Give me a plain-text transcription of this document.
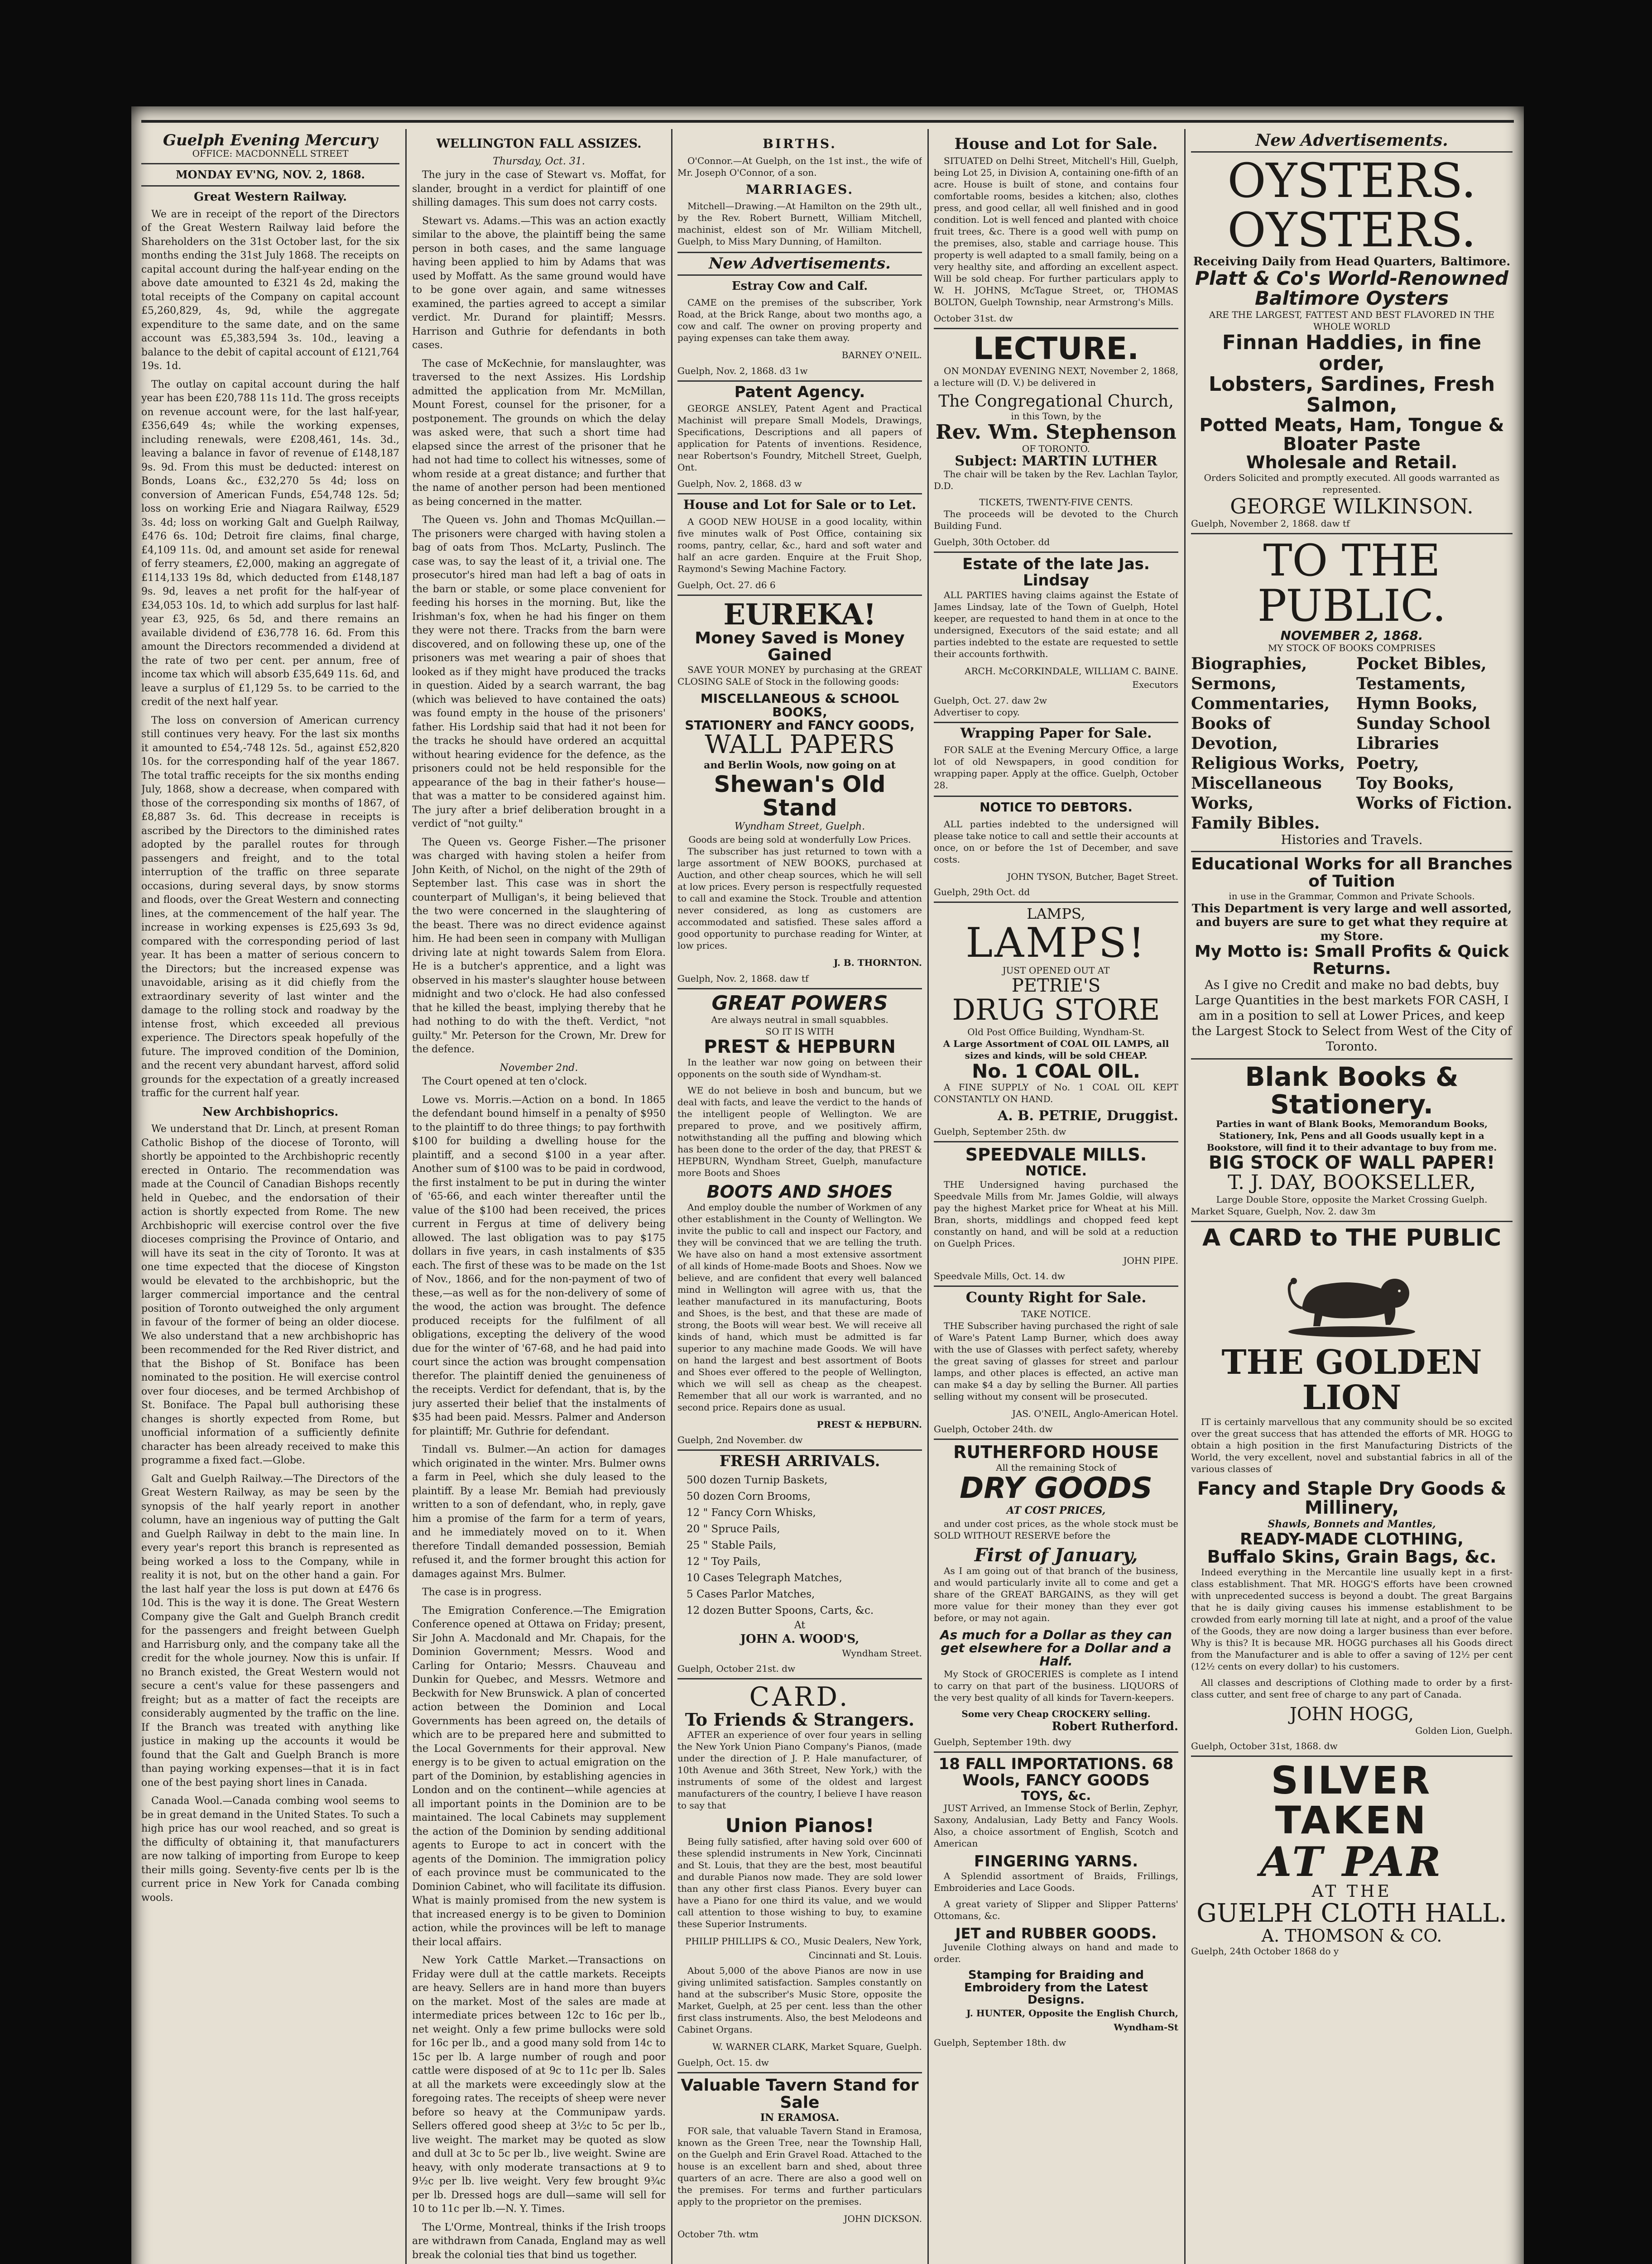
Guelph Evening Mercury
OFFICE: MACDONNELL STREET
MONDAY EV'NG, NOV. 2, 1868.
Great Western Railway.

We are in receipt of the report of the Directors of the Great Western Railway laid before the Shareholders on the 31st October last, for the six months ending the 31st July 1868. The receipts on capital account during the half-year ending on the above date amounted to £321 4s 2d, making the total receipts of the Company on capital account £5,260,829, 4s, 9d, while the aggregate expenditure to the same date, and on the same account was £5,383,594 3s. 10d., leaving a balance to the debit of capital account of £121,764 19s. 1d.

The outlay on capital account during the half year has been £20,788 11s 11d. The gross receipts on revenue account were, for the last half-year, £356,649 4s; while the working expenses, including renewals, were £208,461, 14s. 3d., leaving a balance in favor of revenue of £148,187 9s. 9d. From this must be deducted: interest on Bonds, Loans &c., £32,270 5s 4d; loss on conversion of American Funds, £54,748 12s. 5d; loss on working Erie and Niagara Railway, £529 3s. 4d; loss on working Galt and Guelph Railway, £476 6s. 10d; Detroit fire claims, final charge, £4,109 11s. 0d, and amount set aside for renewal of ferry steamers, £2,000, making an aggregate of £114,133 19s 8d, which deducted from £148,187 9s. 9d, leaves a net profit for the half-year of £34,053 10s. 1d, to which add surplus for last half-year £3, 925, 6s 5d, and there remains an available dividend of £36,778 16. 6d. From this amount the Directors recommended a dividend at the rate of two per cent. per annum, free of income tax which will absorb £35,649 11s. 6d, and leave a surplus of £1,129 5s. to be carried to the credit of the next half year.

The loss on conversion of American currency still continues very heavy. For the last six months it amounted to £54,-748 12s. 5d., against £52,820 10s. for the corresponding half of the year 1867. The total traffic receipts for the six months ending July, 1868, show a decrease, when compared with those of the corresponding six months of 1867, of £8,887 3s. 6d. This decrease in receipts is ascribed by the Directors to the diminished rates adopted by the parallel routes for through passengers and freight, and to the total interruption of the traffic on three separate occasions, during several days, by snow storms and floods, over the Great Western and connecting lines, at the commencement of the half year. The increase in working expenses is £25,693 3s 9d, compared with the corresponding period of last year. It has been a matter of serious concern to the Directors; but the increased expense was unavoidable, arising as it did chiefly from the extraordinary severity of last winter and the damage to the rolling stock and roadway by the intense frost, which exceeded all previous experience. The Directors speak hopefully of the future. The improved condition of the Dominion, and the recent very abundant harvest, afford solid grounds for the expectation of a greatly increased traffic for the current half year.

New Archbishoprics.

We understand that Dr. Linch, at present Roman Catholic Bishop of the diocese of Toronto, will shortly be appointed to the Archbishopric recently erected in Ontario. The recommendation was made at the Council of Canadian Bishops recently held in Quebec, and the endorsation of their action is shortly expected from Rome. The new Archbishopric will exercise control over the five dioceses comprising the Province of Ontario, and will have its seat in the city of Toronto. It was at one time expected that the diocese of Kingston would be elevated to the archbishopric, but the larger commercial importance and the central position of Toronto outweighed the only argument in favour of the former of being an older diocese. We also understand that a new archbishopric has been recommended for the Red River district, and that the Bishop of St. Boniface has been nominated to the position. He will exercise control over four dioceses, and be termed Archbishop of St. Boniface. The Papal bull authorising these changes is shortly expected from Rome, but unofficial information of a sufficiently definite character has been already received to make this programme a fixed fact.—Globe.

Galt and Guelph Railway.—The Directors of the Great Western Railway, as may be seen by the synopsis of the half yearly report in another column, have an ingenious way of putting the Galt and Guelph Railway in debt to the main line. In every year's report this branch is represented as being worked a loss to the Company, while in reality it is not, but on the other hand a gain. For the last half year the loss is put down at £476 6s 10d. This is the way it is done. The Great Western Company give the Galt and Guelph Branch credit for the passengers and freight between Guelph and Harrisburg only, and the company take all the credit for the whole journey. Now this is unfair. If no Branch existed, the Great Western would not secure a cent's value for these passengers and freight; but as a matter of fact the receipts are considerably augmented by the traffic on the line. If the Branch was treated with anything like justice in making up the accounts it would be found that the Galt and Guelph Branch is more than paying working expenses—that it is in fact one of the best paying short lines in Canada.

Canada Wool.—Canada combing wool seems to be in great demand in the United States. To such a high price has our wool reached, and so great is the difficulty of obtaining it, that manufacturers are now talking of importing from Europe to keep their mills going. Seventy-five cents per lb is the current price in New York for Canada combing wools.

WELLINGTON FALL ASSIZES.
Thursday, Oct. 31.

The jury in the case of Stewart vs. Moffat, for slander, brought in a verdict for plaintiff of one shilling damages. This sum does not carry costs.

Stewart vs. Adams.—This was an action exactly similar to the above, the plaintiff being the same person in both cases, and the same language having been applied to him by Adams that was used by Moffatt. As the same ground would have to be gone over again, and same witnesses examined, the parties agreed to accept a similar verdict. Mr. Durand for plaintiff; Messrs. Harrison and Guthrie for defendants in both cases.

The case of McKechnie, for manslaughter, was traversed to the next Assizes. His Lordship admitted the application from Mr. McMillan, Mount Forest, counsel for the prisoner, for a postponement. The grounds on which the delay was asked were, that such a short time had elapsed since the arrest of the prisoner that he had not had time to collect his witnesses, some of whom reside at a great distance; and further that the name of another person had been mentioned as being concerned in the matter.

The Queen vs. John and Thomas McQuillan.—The prisoners were charged with having stolen a bag of oats from Thos. McLarty, Puslinch. The case was, to say the least of it, a trivial one. The prosecutor's hired man had left a bag of oats in the barn or stable, or some place convenient for feeding his horses in the morning. But, like the Irishman's fox, when he had his finger on them they were not there. Tracks from the barn were discovered, and on following these up, one of the prisoners was met wearing a pair of shoes that looked as if they might have produced the tracks in question. Aided by a search warrant, the bag (which was believed to have contained the oats) was found empty in the house of the prisoners' father. His Lordship said that had it not been for the tracks he should have ordered an acquittal without hearing evidence for the defence, as the prisoners could not be held responsible for the appearance of the bag in their father's house—that was a matter to be considered against him. The jury after a brief deliberation brought in a verdict of "not guilty."

The Queen vs. George Fisher.—The prisoner was charged with having stolen a heifer from John Keith, of Nichol, on the night of the 29th of September last. This case was in short the counterpart of Mulligan's, it being believed that the two were concerned in the slaughtering of the beast. There was no direct evidence against him. He had been seen in company with Mulligan driving late at night towards Salem from Elora. He is a butcher's apprentice, and a light was observed in his master's slaughter house between midnight and two o'clock. He had also confessed that he killed the beast, implying thereby that he had nothing to do with the theft. Verdict, "not guilty." Mr. Peterson for the Crown, Mr. Drew for the defence.

November 2nd.

The Court opened at ten o'clock.

Lowe vs. Morris.—Action on a bond. In 1865 the defendant bound himself in a penalty of $950 to the plaintiff to do three things; to pay forthwith $100 for building a dwelling house for the plaintiff, and a second $100 in a year after. Another sum of $100 was to be paid in cordwood, the first instalment to be put in during the winter of '65-66, and each winter thereafter until the value of the $100 had been received, the prices current in Fergus at time of delivery being allowed. The last obligation was to pay $175 dollars in five years, in cash instalments of $35 each. The first of these was to be made on the 1st of Nov., 1866, and for the non-payment of two of these,—as well as for the non-delivery of some of the wood, the action was brought. The defence produced receipts for the fulfilment of all obligations, excepting the delivery of the wood due for the winter of '67-68, and he had paid into court since the action was brought compensation therefor. The plaintiff denied the genuineness of the receipts. Verdict for defendant, that is, by the jury asserted their belief that the instalments of $35 had been paid. Messrs. Palmer and Anderson for plaintiff; Mr. Guthrie for defendant.

Tindall vs. Bulmer.—An action for damages which originated in the winter. Mrs. Bulmer owns a farm in Peel, which she duly leased to the plaintiff. By a lease Mr. Bemiah had previously written to a son of defendant, who, in reply, gave him a promise of the farm for a term of years, and he immediately moved on to it. When therefore Tindall demanded possession, Bemiah refused it, and the former brought this action for damages against Mrs. Bulmer.

The case is in progress.

The Emigration Conference.—The Emigration Conference opened at Ottawa on Friday; present, Sir John A. Macdonald and Mr. Chapais, for the Dominion Government; Messrs. Wood and Carling for Ontario; Messrs. Chauveau and Dunkin for Quebec, and Messrs. Wetmore and Beckwith for New Brunswick. A plan of concerted action between the Dominion and Local Governments has been agreed on, the details of which are to be prepared here and submitted to the Local Governments for their approval. New energy is to be given to actual emigration on the part of the Dominion, by establishing agencies in London and on the continent—while agencies at all important points in the Dominion are to be maintained. The local Cabinets may supplement the action of the Dominion by sending additional agents to Europe to act in concert with the agents of the Dominion. The immigration policy of each province must be communicated to the Dominion Cabinet, who will facilitate its diffusion. What is mainly promised from the new system is that increased energy is to be given to Dominion action, while the provinces will be left to manage their local affairs.

New York Cattle Market.—Transactions on Friday were dull at the cattle markets. Receipts are heavy. Sellers are in hand more than buyers on the market. Most of the sales are made at intermediate prices between 12c to 16c per lb., net weight. Only a few prime bullocks were sold for 16c per lb., and a good many sold from 14c to 15c per lb. A large number of rough and poor cattle were disposed of at 9c to 11c per lb. Sales at all the markets were exceedingly slow at the foregoing rates. The receipts of sheep were never before so heavy at the Communipaw yards. Sellers offered good sheep at 3½c to 5c per lb., live weight. The market may be quoted as slow and dull at 3c to 5c per lb., live weight. Swine are heavy, with only moderate transactions at 9 to 9½c per lb. live weight. Very few brought 9¾c per lb. Dressed hogs are dull—same will sell for 10 to 11c per lb.—N. Y. Times.

The L'Orme, Montreal, thinks if the Irish troops are withdrawn from Canada, England may as well break the colonial ties that bind us together.

BIRTHS.

O'Connor.—At Guelph, on the 1st inst., the wife of Mr. Joseph O'Connor, of a son.

MARRIAGES.

Mitchell—Drawing.—At Hamilton on the 29th ult., by the Rev. Robert Burnett, William Mitchell, machinist, eldest son of Mr. William Mitchell, Guelph, to Miss Mary Dunning, of Hamilton.

New Advertisements.
Estray Cow and Calf.

CAME on the premises of the subscriber, York Road, at the Brick Range, about two months ago, a cow and calf. The owner on proving property and paying expenses can take them away.

BARNEY O'NEIL.
Guelph, Nov. 2, 1868. d3 1w
Patent Agency.

GEORGE ANSLEY, Patent Agent and Practical Machinist will prepare Small Models, Drawings, Specifications, Descriptions and all papers of application for Patents of inventions. Residence, near Robertson's Foundry, Mitchell Street, Guelph, Ont.

Guelph, Nov. 2, 1868. d3 w
House and Lot for Sale or to Let.

A GOOD NEW HOUSE in a good locality, within five minutes walk of Post Office, containing six rooms, pantry, cellar, &c., hard and soft water and half an acre garden. Enquire at the Fruit Shop, Raymond's Sewing Machine Factory.

Guelph, Oct. 27. d6 6
EUREKA!
Money Saved is Money Gained

SAVE YOUR MONEY by purchasing at the GREAT CLOSING SALE of Stock in the following goods:

MISCELLANEOUS & SCHOOL BOOKS,
STATIONERY and FANCY GOODS,
WALL PAPERS
and Berlin Wools, now going on at
Shewan's Old Stand
Wyndham Street, Guelph.
Goods are being sold at wonderfully Low Prices.

The subscriber has just returned to town with a large assortment of NEW BOOKS, purchased at Auction, and other cheap sources, which he will sell at low prices. Every person is respectfully requested to call and examine the Stock. Trouble and attention never considered, as long as customers are accommodated and satisfied. These sales afford a good opportunity to purchase reading for Winter, at low prices.

J. B. THORNTON.
Guelph, Nov. 2, 1868. daw tf
GREAT POWERS
Are always neutral in small squabbles.
SO IT IS WITH
PREST & HEPBURN

In the leather war now going on between their opponents on the south side of Wyndham-st.

WE do not believe in bosh and buncum, but we deal with facts, and leave the verdict to the hands of the intelligent people of Wellington. We are prepared to prove, and we positively affirm, notwithstanding all the puffing and blowing which has been done to the order of the day, that PREST & HEPBURN, Wyndham Street, Guelph, manufacture more Boots and Shoes

BOOTS AND SHOES

And employ double the number of Workmen of any other establishment in the County of Wellington. We invite the public to call and inspect our Factory, and they will be convinced that we are telling the truth. We have also on hand a most extensive assortment of all kinds of Home-made Boots and Shoes. Now we believe, and are confident that every well balanced mind in Wellington will agree with us, that the leather manufactured in its manufacturing, Boots and Shoes, is the best, and that these are made of strong, the Boots will wear best. We will receive all kinds of hand, which must be admitted is far superior to any machine made Goods. We will have on hand the largest and best assortment of Boots and Shoes ever offered to the people of Wellington, which we will sell as cheap as the cheapest. Remember that all our work is warranted, and no second price. Repairs done as usual.

PREST & HEPBURN.
Guelph, 2nd November. dw
FRESH ARRIVALS.
500 dozen Turnip Baskets,
50 dozen Corn Brooms,
12 " Fancy Corn Whisks,
20 " Spruce Pails,
25 " Stable Pails,
12 " Toy Pails,
10 Cases Telegraph Matches,
5 Cases Parlor Matches,
12 dozen Butter Spoons, Carts, &c.
At
JOHN A. WOOD'S,
Wyndham Street.
Guelph, October 21st. dw
CARD.
To Friends & Strangers.

AFTER an experience of over four years in selling the New York Union Piano Company's Pianos, (made under the direction of J. P. Hale manufacturer, of 10th Avenue and 36th Street, New York,) with the instruments of some of the oldest and largest manufacturers of the country, I believe I have reason to say that

Union Pianos!

Being fully satisfied, after having sold over 600 of these splendid instruments in New York, Cincinnati and St. Louis, that they are the best, most beautiful and durable Pianos now made. They are sold lower than any other first class Pianos. Every buyer can have a Piano for one third its value, and we would call attention to those wishing to buy, to examine these Superior Instruments.

PHILIP PHILLIPS & CO., Music Dealers, New York, Cincinnati and St. Louis.

About 5,000 of the above Pianos are now in use giving unlimited satisfaction. Samples constantly on hand at the subscriber's Music Store, opposite the Market, Guelph, at 25 per cent. less than the other first class instruments. Also, the best Melodeons and Cabinet Organs.

W. WARNER CLARK, Market Square, Guelph.
Guelph, Oct. 15. dw
Valuable Tavern Stand for Sale
IN ERAMOSA.

FOR sale, that valuable Tavern Stand in Eramosa, known as the Green Tree, near the Township Hall, on the Guelph and Erin Gravel Road. Attached to the house is an excellent barn and shed, about three quarters of an acre. There are also a good well on the premises. For terms and further particulars apply to the proprietor on the premises.

JOHN DICKSON.
October 7th. wtm
House and Lot for Sale.

SITUATED on Delhi Street, Mitchell's Hill, Guelph, being Lot 25, in Division A, containing one-fifth of an acre. House is built of stone, and contains four comfortable rooms, besides a kitchen; also, clothes press, and good cellar, all well finished and in good condition. Lot is well fenced and planted with choice fruit trees, &c. There is a good well with pump on the premises, also, stable and carriage house. This property is well adapted to a small family, being on a very healthy site, and affording an excellent aspect. Will be sold cheap. For further particulars apply to W. H. JOHNS, McTague Street, or, THOMAS BOLTON, Guelph Township, near Armstrong's Mills.

October 31st. dw
LECTURE.

ON MONDAY EVENING NEXT, November 2, 1868, a lecture will (D. V.) be delivered in

The Congregational Church,
in this Town, by the
Rev. Wm. Stephenson
OF TORONTO.
Subject: MARTIN LUTHER

The chair will be taken by the Rev. Lachlan Taylor, D.D.

TICKETS, TWENTY-FIVE CENTS.

The proceeds will be devoted to the Church Building Fund.

Guelph, 30th October. dd
Estate of the late Jas. Lindsay

ALL PARTIES having claims against the Estate of James Lindsay, late of the Town of Guelph, Hotel keeper, are requested to hand them in at once to the undersigned, Executors of the said estate; and all parties indebted to the estate are requested to settle their accounts forthwith.

ARCH. McCORKINDALE, WILLIAM C. BAINE. Executors
Guelph, Oct. 27. daw 2w
Advertiser to copy.
Wrapping Paper for Sale.

FOR SALE at the Evening Mercury Office, a large lot of old Newspapers, in good condition for wrapping paper. Apply at the office. Guelph, October 28.

NOTICE TO DEBTORS.

ALL parties indebted to the undersigned will please take notice to call and settle their accounts at once, on or before the 1st of December, and save costs.

JOHN TYSON, Butcher, Baget Street.
Guelph, 29th Oct. dd
LAMPS,
LAMPS!
JUST OPENED OUT AT
PETRIE'S
DRUG STORE
Old Post Office Building, Wyndham-St.
A Large Assortment of COAL OIL LAMPS, all sizes and kinds, will be sold CHEAP.
No. 1 COAL OIL.

A FINE SUPPLY of No. 1 COAL OIL KEPT CONSTANTLY ON HAND.

A. B. PETRIE, Druggist.
Guelph, September 25th. dw
SPEEDVALE MILLS.
NOTICE.

THE Undersigned having purchased the Speedvale Mills from Mr. James Goldie, will always pay the highest Market price for Wheat at his Mill. Bran, shorts, middlings and chopped feed kept constantly on hand, and will be sold at a reduction on Guelph Prices.

JOHN PIPE.
Speedvale Mills, Oct. 14. dw
County Right for Sale.
TAKE NOTICE.

THE Subscriber having purchased the right of sale of Ware's Patent Lamp Burner, which does away with the use of Glasses with perfect safety, whereby the great saving of glasses for street and parlour lamps, and other places is effected, an active man can make $4 a day by selling the Burner. All parties selling without my consent will be prosecuted.

JAS. O'NEIL, Anglo-American Hotel.
Guelph, October 24th. dw
RUTHERFORD HOUSE
All the remaining Stock of
DRY GOODS
AT COST PRICES,

and under cost prices, as the whole stock must be SOLD WITHOUT RESERVE before the

First of January,

As I am going out of that branch of the business, and would particularly invite all to come and get a share of the GREAT BARGAINS, as they will get more value for their money than they ever got before, or may not again.

As much for a Dollar as they can get elsewhere for a Dollar and a Half.

My Stock of GROCERIES is complete as I intend to carry on that part of the business. LIQUORS of the very best quality of all kinds for Tavern-keepers.

Some very Cheap CROCKERY selling.
Robert Rutherford.
Guelph, September 19th. dwy
18 FALL IMPORTATIONS. 68
Wools, FANCY GOODS
TOYS, &c.

JUST Arrived, an Immense Stock of Berlin, Zephyr, Saxony, Andalusian, Lady Betty and Fancy Wools. Also, a choice assortment of English, Scotch and American

FINGERING YARNS.

A Splendid assortment of Braids, Frillings, Embroideries and Lace Goods.

A great variety of Slipper and Slipper Patterns' Ottomans, &c.

JET and RUBBER GOODS.

Juvenile Clothing always on hand and made to order.

Stamping for Braiding and Embroidery from the Latest Designs.
J. HUNTER, Opposite the English Church, Wyndham-St
Guelph, September 18th. dw
New Advertisements.
OYSTERS. OYSTERS.
Receiving Daily from Head Quarters, Baltimore.
Platt & Co's World-Renowned Baltimore Oysters
ARE THE LARGEST, FATTEST AND BEST FLAVORED IN THE WHOLE WORLD
Finnan Haddies, in fine order,
Lobsters, Sardines, Fresh Salmon,
Potted Meats, Ham, Tongue & Bloater Paste
Wholesale and Retail.
Orders Solicited and promptly executed. All goods warranted as represented.
GEORGE WILKINSON.
Guelph, November 2, 1868. daw tf
TO THE PUBLIC.
NOVEMBER 2, 1868.
MY STOCK OF BOOKS COMPRISES
Biographies,
Sermons,
Commentaries,
Books of Devotion,
Religious Works,
Miscellaneous Works,
Family Bibles.
Pocket Bibles,
Testaments,
Hymn Books,
Sunday School Libraries
Poetry,
Toy Books,
Works of Fiction.
Histories and Travels.
Educational Works for all Branches of Tuition
in use in the Grammar, Common and Private Schools.
This Department is very large and well assorted, and buyers are sure to get what they require at my Store.
My Motto is: Small Profits & Quick Returns.
As I give no Credit and make no bad debts, buy Large Quantities in the best markets FOR CASH, I am in a position to sell at Lower Prices, and keep the Largest Stock to Select from West of the City of Toronto.
Blank Books & Stationery.
Parties in want of Blank Books, Memorandum Books, Stationery, Ink, Pens and all Goods usually kept in a Bookstore, will find it to their advantage to buy from me.
BIG STOCK OF WALL PAPER!
T. J. DAY, BOOKSELLER,
Large Double Store, opposite the Market Crossing Guelph.
Market Square, Guelph, Nov. 2. daw 3m
A CARD to THE PUBLIC
THE GOLDEN LION

IT is certainly marvellous that any community should be so excited over the great success that has attended the efforts of MR. HOGG to obtain a high position in the first Manufacturing Districts of the World, the very excellent, novel and substantial fabrics in all of the various classes of

Fancy and Staple Dry Goods & Millinery,
Shawls, Bonnets and Mantles,
READY-MADE CLOTHING,
Buffalo Skins, Grain Bags, &c.

Indeed everything in the Mercantile line usually kept in a first-class establishment. That MR. HOGG'S efforts have been crowned with unprecedented success is beyond a doubt. The great Bargains that he is daily giving causes his immense establishment to be crowded from early morning till late at night, and a proof of the value of the Goods, they are now doing a larger business than ever before. Why is this? It is because MR. HOGG purchases all his Goods direct from the Manufacturer and is able to offer a saving of 12½ per cent (12½ cents on every dollar) to his customers.

All classes and descriptions of Clothing made to order by a first-class cutter, and sent free of charge to any part of Canada.

JOHN HOGG,
Golden Lion, Guelph.
Guelph, October 31st, 1868. dw
SILVER TAKEN
AT PAR
AT THE
GUELPH CLOTH HALL.
A. THOMSON & CO.
Guelph, 24th October 1868 do y
